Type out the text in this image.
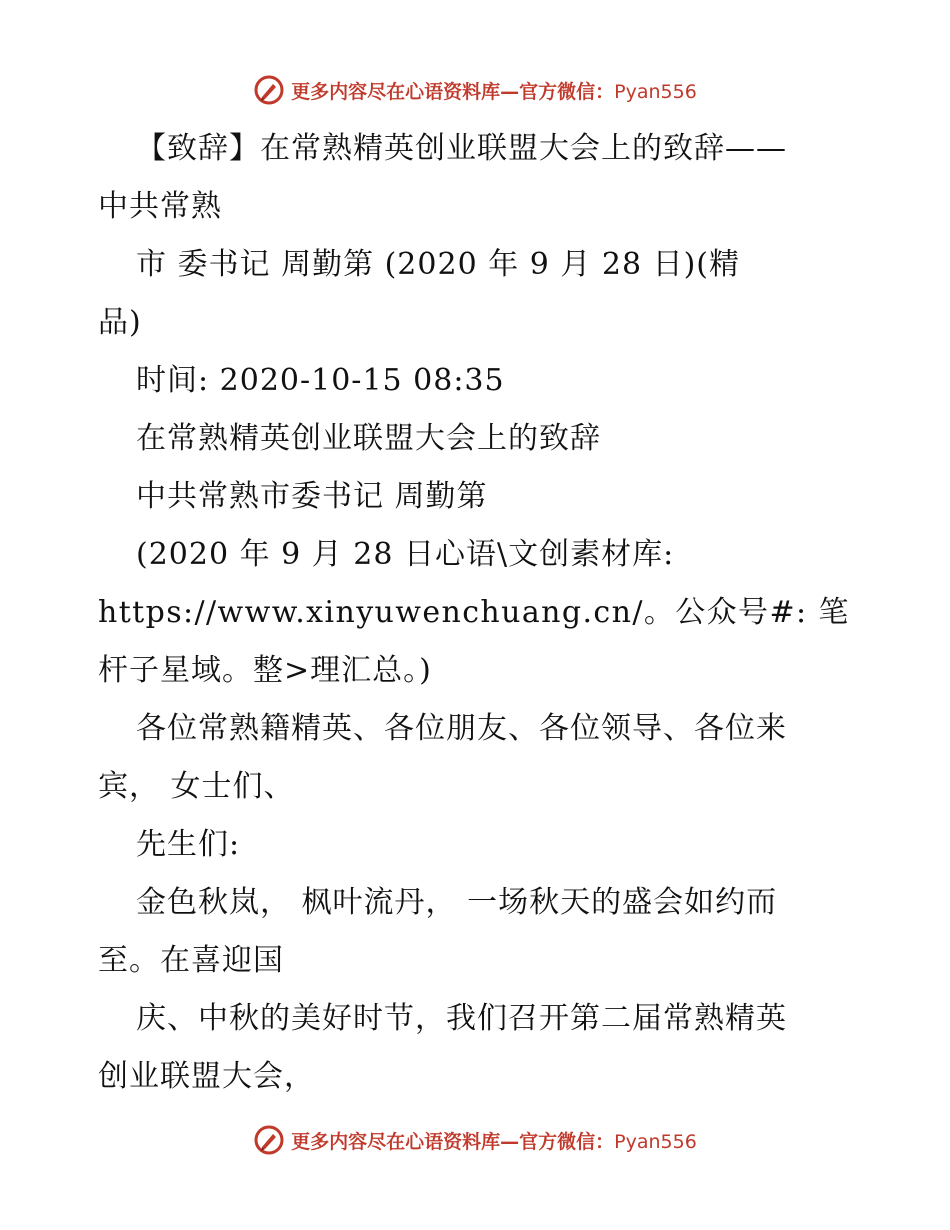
更多内容尽在心语资料库—官方微信：Pyan556
【致辞】在常熟精英创业联盟大会上的致辞——
中共常熟
市 委书记 周勤第 (2020 年 9 月 28 日)(精
品)
时间: 2020-10-15 08:35
在常熟精英创业联盟大会上的致辞
中共常熟市委书记 周勤第
(2020 年 9 月 28 日心语\文创素材库:
https://www.xinyuwenchuang.cn/。公众号#: 笔
杆子星域。整>理汇总。)
各位常熟籍精英、各位朋友、各位领导、各位来
宾， 女士们、
先生们:
金色秋岚， 枫叶流丹， 一场秋天的盛会如约而
至。在喜迎国
庆、中秋的美好时节，我们召开第二届常熟精英
创业联盟大会，
更多内容尽在心语资料库—官方微信：Pyan556
